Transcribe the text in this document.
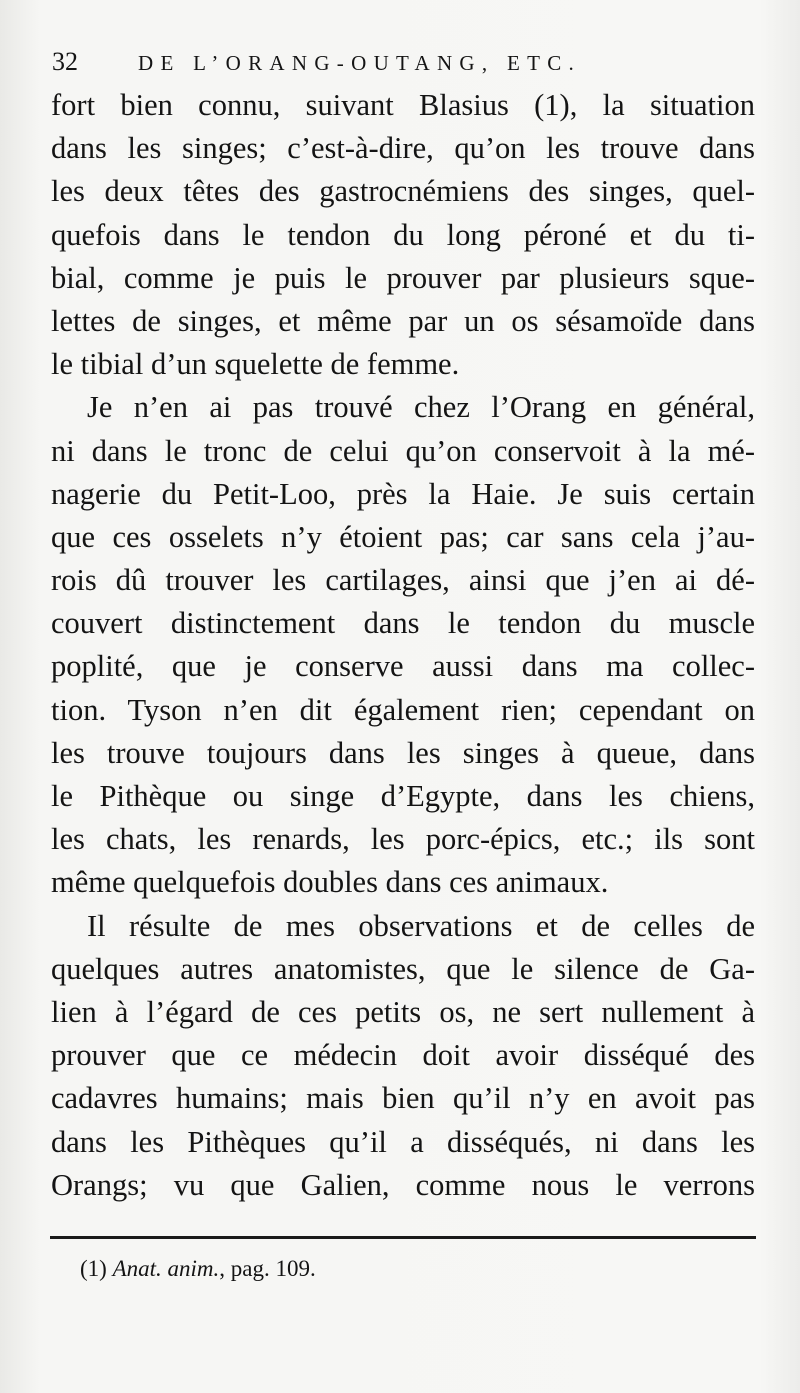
32	DE L’ORANG-OUTANG, ETC.
fort bien connu, suivant Blasius (1), la situation
dans les singes; c’est-à-dire, qu’on les trouve dans
les deux têtes des gastrocnémiens des singes, quel-
quefois dans le tendon du long péroné et du ti-
bial, comme je puis le prouver par plusieurs sque-
lettes de singes, et même par un os sésamoïde dans
le tibial d’un squelette de femme.
Je n’en ai pas trouvé chez l’Orang en général,
ni dans le tronc de celui qu’on conservoit à la mé-
nagerie du Petit-Loo, près la Haie. Je suis certain
que ces osselets n’y étoient pas; car sans cela j’au-
rois dû trouver les cartilages, ainsi que j’en ai dé-
couvert distinctement dans le tendon du muscle
poplité, que je conserve aussi dans ma collec-
tion. Tyson n’en dit également rien; cependant on
les trouve toujours dans les singes à queue, dans
le Pithèque ou singe d’Egypte, dans les chiens,
les chats, les renards, les porc-épics, etc.; ils sont
même quelquefois doubles dans ces animaux.
Il résulte de mes observations et de celles de
quelques autres anatomistes, que le silence de Ga-
lien à l’égard de ces petits os, ne sert nullement à
prouver que ce médecin doit avoir disséqué des
cadavres humains; mais bien qu’il n’y en avoit pas
dans les Pithèques qu’il a disséqués, ni dans les
Orangs; vu que Galien, comme nous le verrons
(1) Anat. anim., pag. 109.
